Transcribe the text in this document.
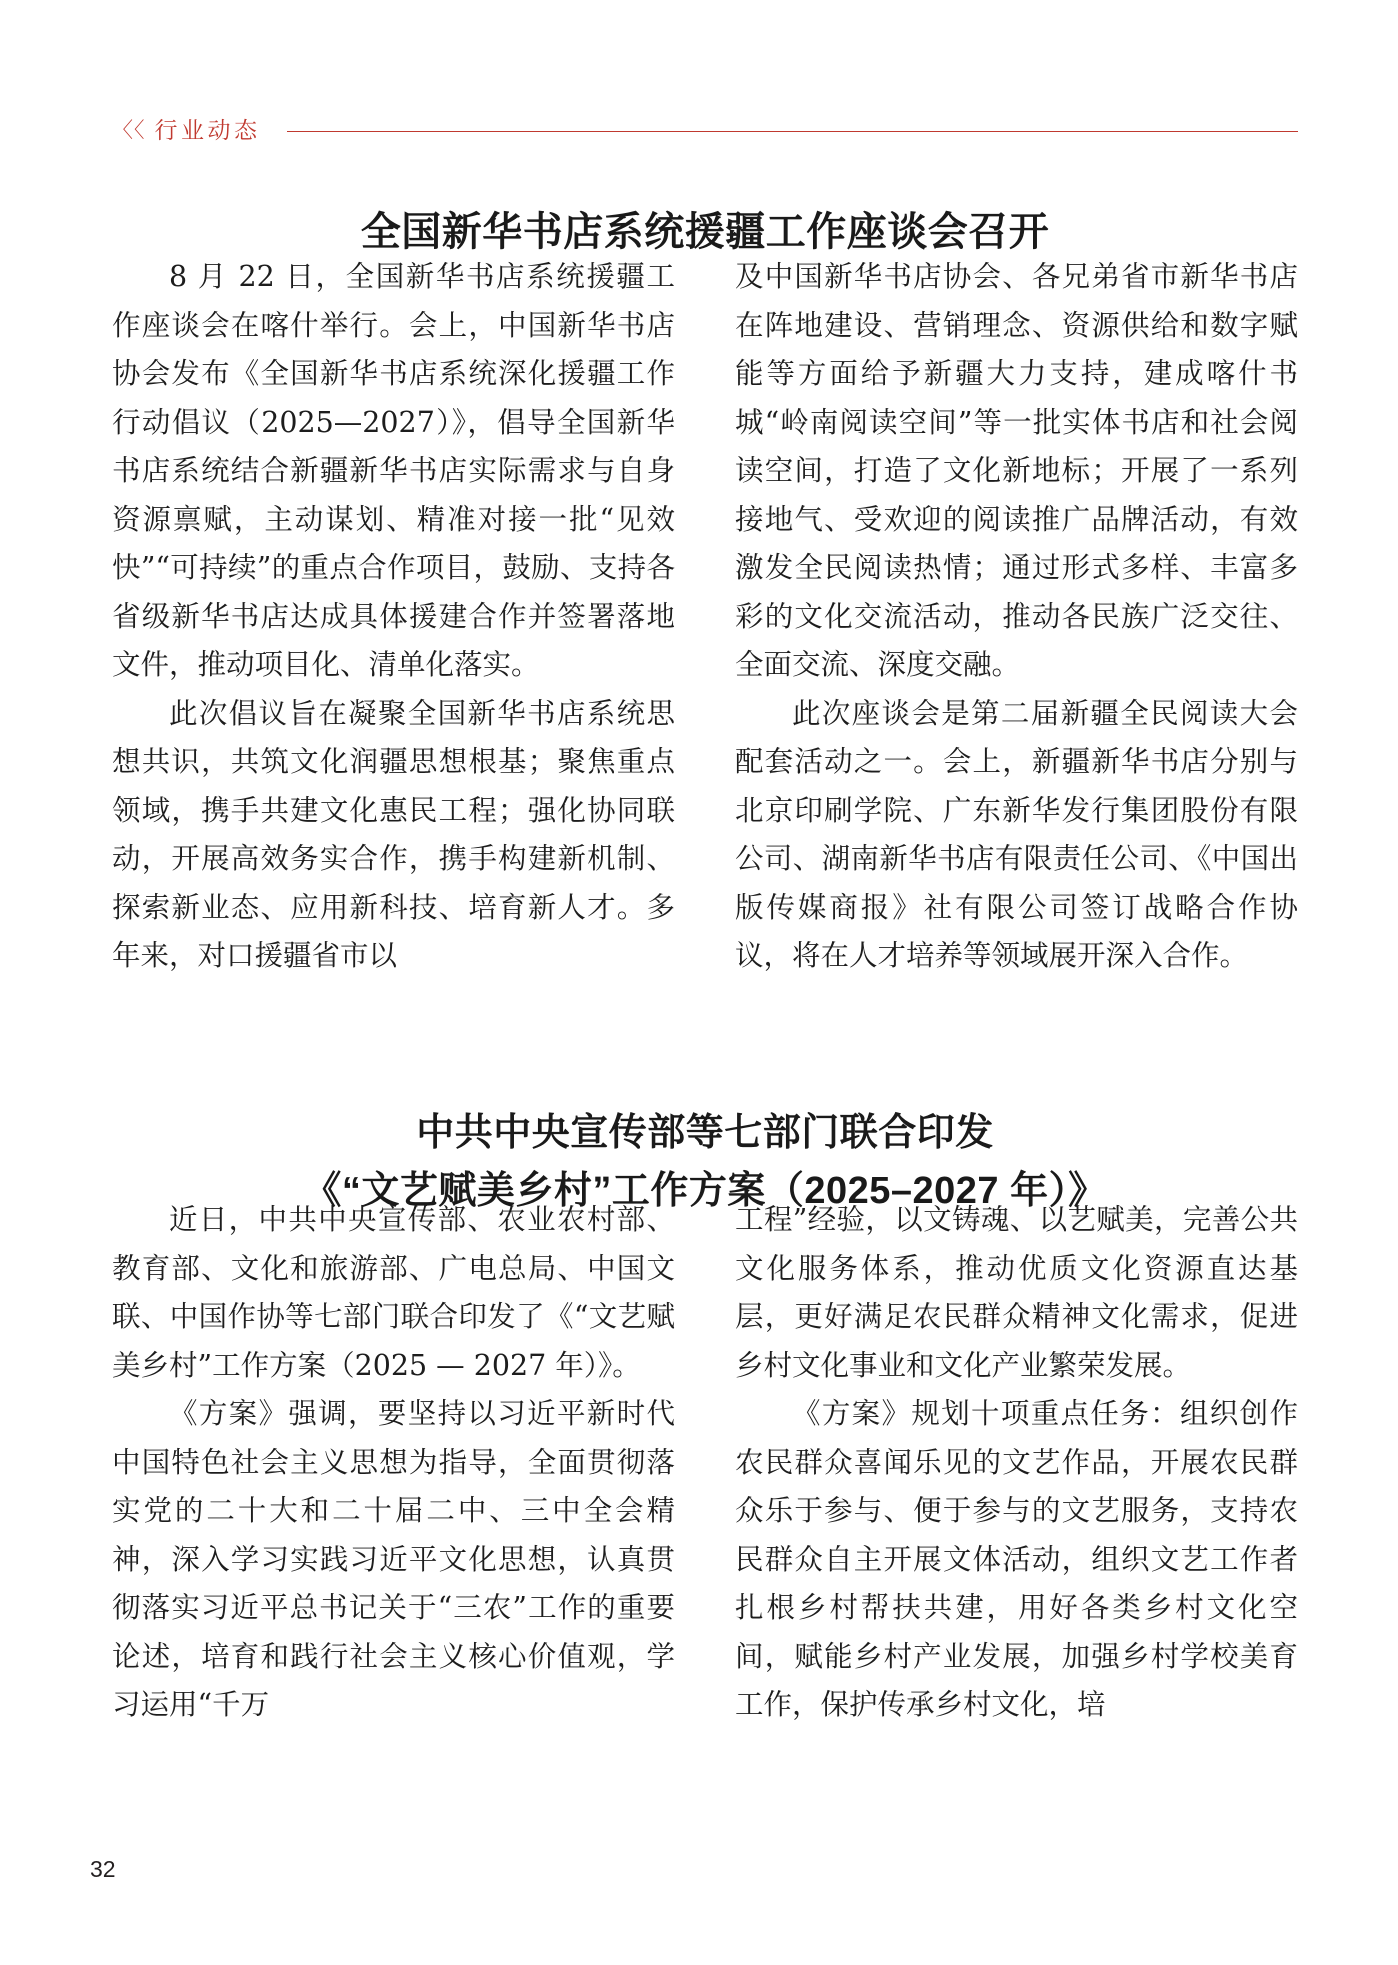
〈〈 行业动态
全国新华书店系统援疆工作座谈会召开

8 月 22 日，全国新华书店系统援疆工作座谈会在喀什举行。会上，中国新华书店协会发布《全国新华书店系统深化援疆工作行动倡议（2025—2027）》，倡导全国新华书店系统结合新疆新华书店实际需求与自身资源禀赋，主动谋划、精准对接一批“见效快”“可持续”的重点合作项目，鼓励、支持各省级新华书店达成具体援建合作并签署落地文件，推动项目化、清单化落实。

此次倡议旨在凝聚全国新华书店系统思想共识，共筑文化润疆思想根基；聚焦重点领域，携手共建文化惠民工程；强化协同联动，开展高效务实合作，携手构建新机制、探索新业态、应用新科技、培育新人才。多年来，对口援疆省市以

及中国新华书店协会、各兄弟省市新华书店在阵地建设、营销理念、资源供给和数字赋能等方面给予新疆大力支持，建成喀什书城“岭南阅读空间”等一批实体书店和社会阅读空间，打造了文化新地标；开展了一系列接地气、受欢迎的阅读推广品牌活动，有效激发全民阅读热情；通过形式多样、丰富多彩的文化交流活动，推动各民族广泛交往、全面交流、深度交融。

此次座谈会是第二届新疆全民阅读大会配套活动之一。会上，新疆新华书店分别与北京印刷学院、广东新华发行集团股份有限公司、湖南新华书店有限责任公司、《中国出版传媒商报》社有限公司签订战略合作协议，将在人才培养等领域展开深入合作。

中共中央宣传部等七部门联合印发
《“文艺赋美乡村”工作方案（2025–2027 年）》

近日，中共中央宣传部、农业农村部、教育部、文化和旅游部、广电总局、中国文联、中国作协等七部门联合印发了《“文艺赋美乡村”工作方案（2025 — 2027 年）》。

《方案》强调，要坚持以习近平新时代中国特色社会主义思想为指导，全面贯彻落实党的二十大和二十届二中、三中全会精神，深入学习实践习近平文化思想，认真贯彻落实习近平总书记关于“三农”工作的重要论述，培育和践行社会主义核心价值观，学习运用“千万

工程”经验，以文铸魂、以艺赋美，完善公共文化服务体系，推动优质文化资源直达基层，更好满足农民群众精神文化需求，促进乡村文化事业和文化产业繁荣发展。

《方案》规划十项重点任务：组织创作农民群众喜闻乐见的文艺作品，开展农民群众乐于参与、便于参与的文艺服务，支持农民群众自主开展文体活动，组织文艺工作者扎根乡村帮扶共建，用好各类乡村文化空间，赋能乡村产业发展，加强乡村学校美育工作，保护传承乡村文化，培

32
